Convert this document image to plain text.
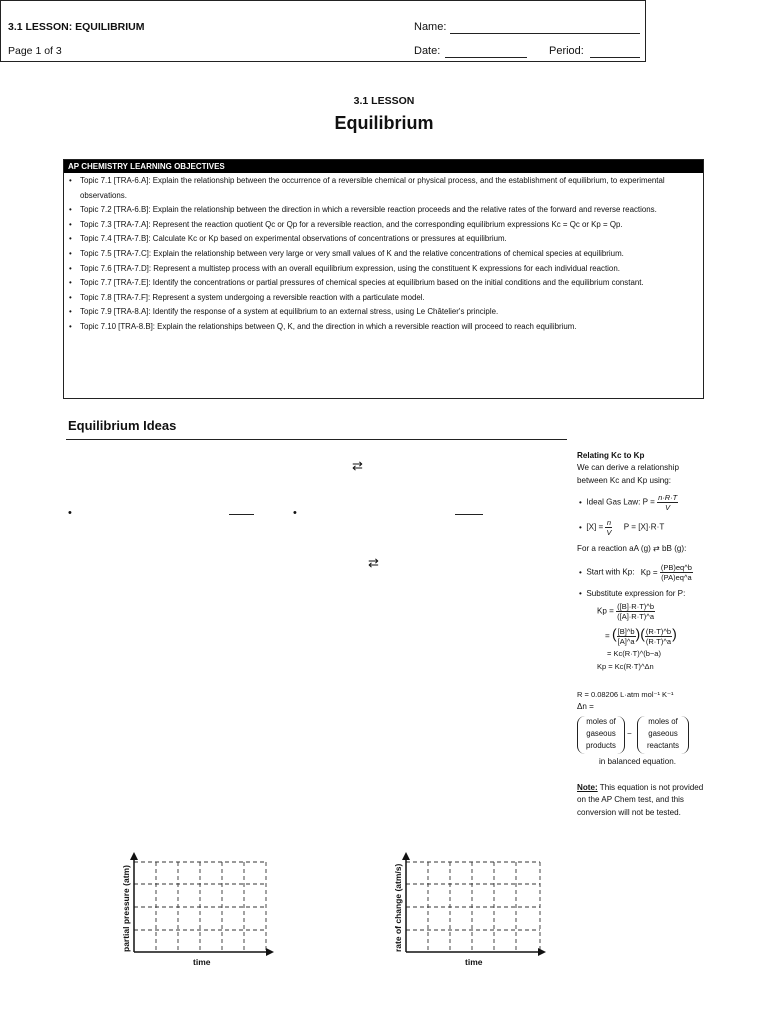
3.1 LESSON: EQUILIBRIUM
Page 1 of 3
Name:
Date:	Period:
3.1 LESSON
Equilibrium
AP CHEMISTRY LEARNING OBJECTIVES
• Topic 7.1 [TRA-6.A]: Explain the relationship between the occurrence of a reversible chemical or physical process, and the establishment of equilibrium, to experimental observations.
• Topic 7.2 [TRA-6.B]: Explain the relationship between the direction in which a reversible reaction proceeds and the relative rates of the forward and reverse reactions.
• Topic 7.3 [TRA-7.A]: Represent the reaction quotient Qc or Qp for a reversible reaction, and the corresponding equilibrium expressions Kc = Qc or Kp = Qp.
• Topic 7.4 [TRA-7.B]: Calculate Kc or Kp based on experimental observations of concentrations or pressures at equilibrium.
• Topic 7.5 [TRA-7.C]: Explain the relationship between very large or very small values of K and the relative concentrations of chemical species at equilibrium.
• Topic 7.6 [TRA-7.D]: Represent a multistep process with an overall equilibrium expression, using the constituent K expressions for each individual reaction.
• Topic 7.7 [TRA-7.E]: Identify the concentrations or partial pressures of chemical species at equilibrium based on the initial conditions and the equilibrium constant.
• Topic 7.8 [TRA-7.F]: Represent a system undergoing a reversible reaction with a particulate model.
• Topic 7.9 [TRA-8.A]: Identify the response of a system at equilibrium to an external stress, using Le Châtelier's principle.
• Topic 7.10 [TRA-8.B]: Explain the relationships between Q, K, and the direction in which a reversible reaction will proceed to reach equilibrium.
Equilibrium Ideas
⇄
•	•
⇄

Relating Kc to Kp

We can derive a relationship between Kc and Kp using:

• Ideal Gas Law: $P = \frac{n\cdot R\cdot T}{V}$

• $[X] = \frac{n}{V}$ P = [X]·R·T

For a reaction aA (g) ⇄ bB (g):

• Start with Kp: $Kp = \frac{(PB)eq\^{}b}{(PA)eq\^{}a}$

• Substitute expression for P:

$Kp = \frac{([B]\cdot R\cdot T)\^{}b}{([A]\cdot R\cdot T)\^{}a}$

= ( $\frac{[B]\^{}b}{[A]\^{}a}$ )( $\frac{(R\cdot T)\^{}b}{(R\cdot T)\^{}a}$ )

= Kc(R·T)^(b−a)

Kp = Kc(R·T)^Δn

R = 0.08206 L·atm mol⁻¹ K⁻¹

Δn =

moles of
gaseous
products
−
moles of
gaseous
reactants

in balanced equation.

Note: This equation is not provided on the AP Chem test, and this conversion will not be tested.

time
partial pressure (atm)
time
rate of change (atm/s)
